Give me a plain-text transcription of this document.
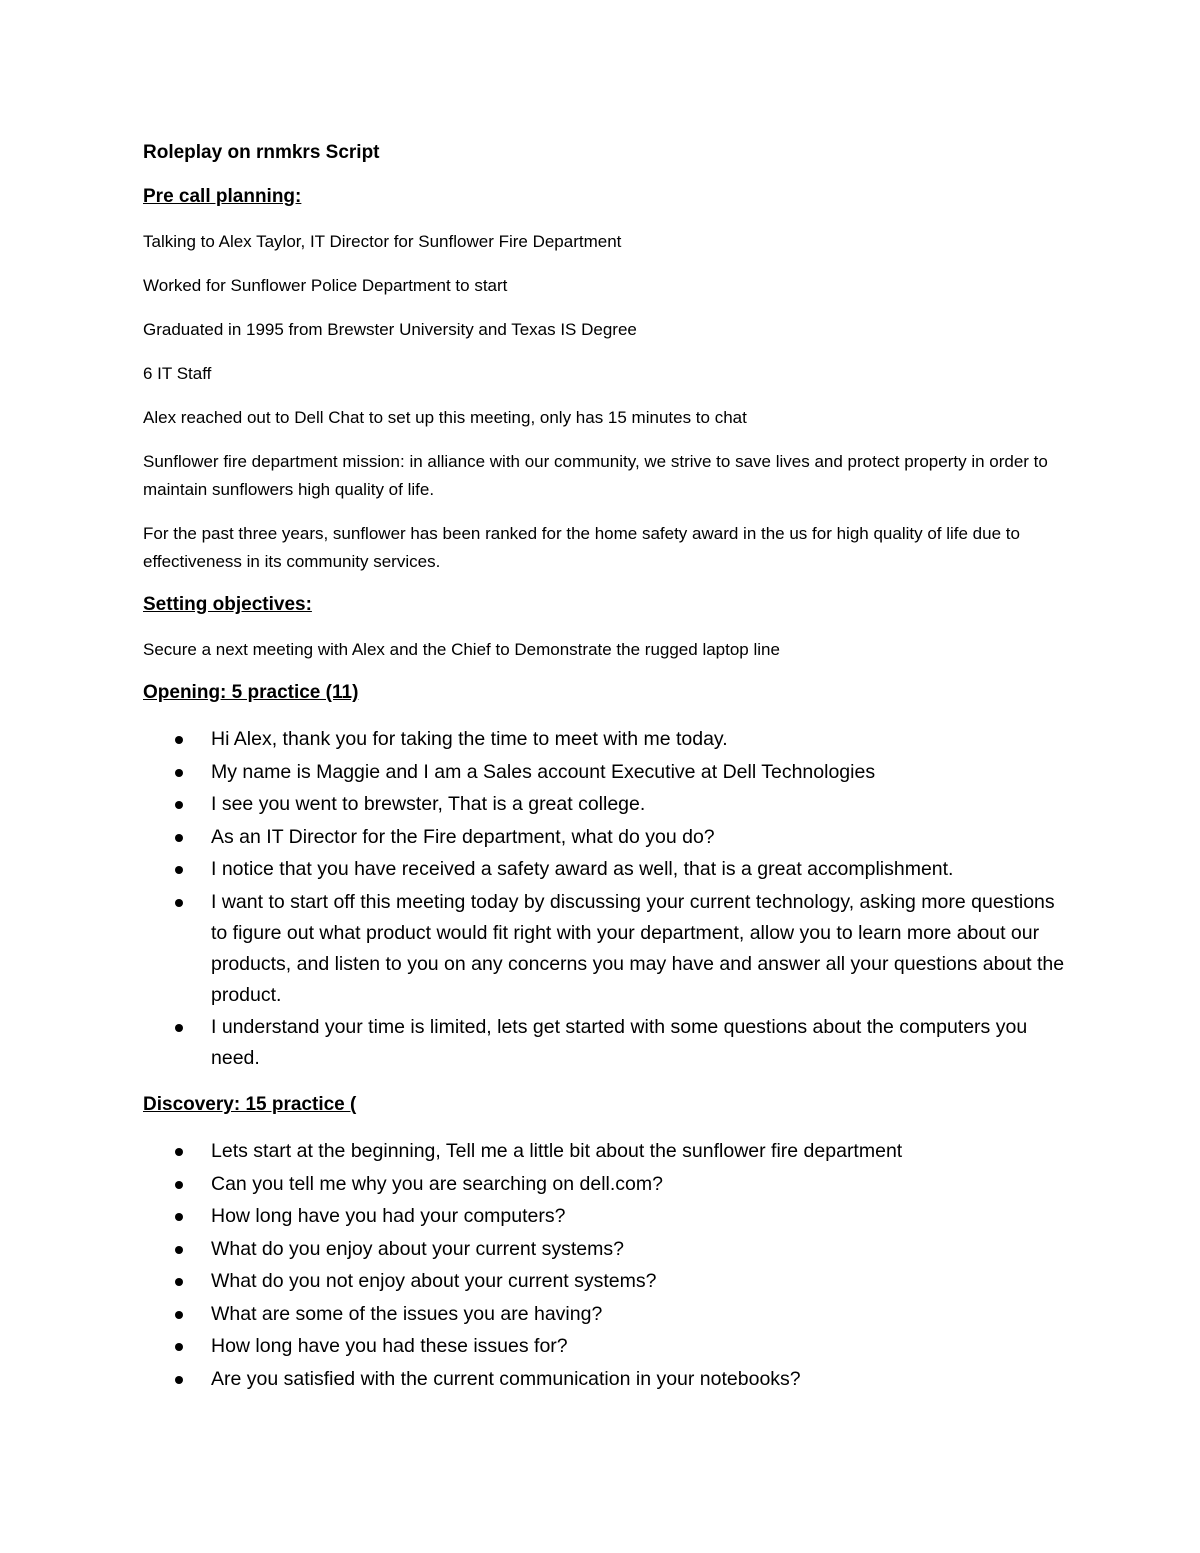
Roleplay on rnmkrs Script
Pre call planning:
Talking to Alex Taylor, IT Director for Sunflower Fire Department
Worked for Sunflower Police Department to start
Graduated in 1995 from Brewster University and Texas IS Degree
6 IT Staff
Alex reached out to Dell Chat to set up this meeting, only has 15 minutes to chat
Sunflower fire department mission: in alliance with our community, we strive to save lives and protect property in order to maintain sunflowers high quality of life.
For the past three years, sunflower has been ranked for the home safety award in the us for high quality of life due to effectiveness in its community services.
Setting objectives:
Secure a next meeting with Alex and the Chief to Demonstrate the rugged laptop line
Opening: 5 practice (11)
Hi Alex, thank you for taking the time to meet with me today.
My name is Maggie and I am a Sales account Executive at Dell Technologies
I see you went to brewster, That is a great college.
As an IT Director for the Fire department, what do you do?
I notice that you have received a safety award as well, that is a great accomplishment.
I want to start off this meeting today by discussing your current technology, asking more questions to figure out what product would fit right with your department, allow you to learn more about our products, and listen to you on any concerns you may have and answer all your questions about the product.
I understand your time is limited, lets get started with some questions about the computers you need.
Discovery: 15 practice (
Lets start at the beginning, Tell me a little bit about the sunflower fire department
Can you tell me why you are searching on dell.com?
How long have you had your computers?
What do you enjoy about your current systems?
What do you not enjoy about your current systems?
What are some of the issues you are having?
How long have you had these issues for?
Are you satisfied with the current communication in your notebooks?
